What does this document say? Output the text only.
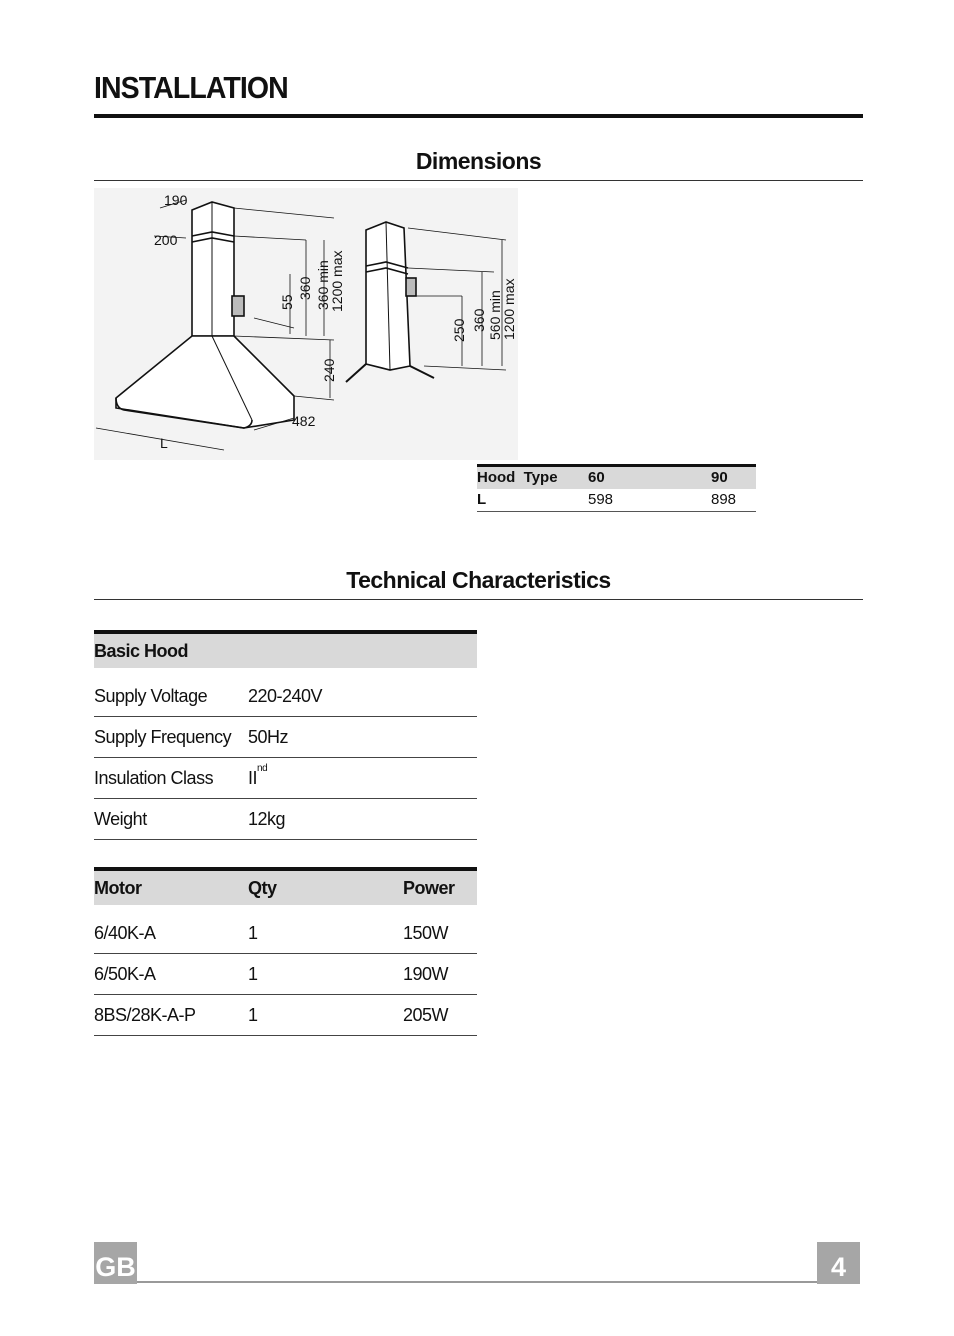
INSTALLATION
Dimensions
190
200
55
360 360 min
1200 max
240
482
L
250 360 560 min
1200 max
Hood  Type 60	90
L	598	898
Technical Characteristics
Basic Hood
Supply Voltage 220-240V
Supply Frequency 50Hz
Insulation Class IInd
Weight	12kg
Motor	Qty	Power
6/40K-A	1	150W
6/50K-A	1	190W
8BS/28K-A-P	1	205W
GB	4
